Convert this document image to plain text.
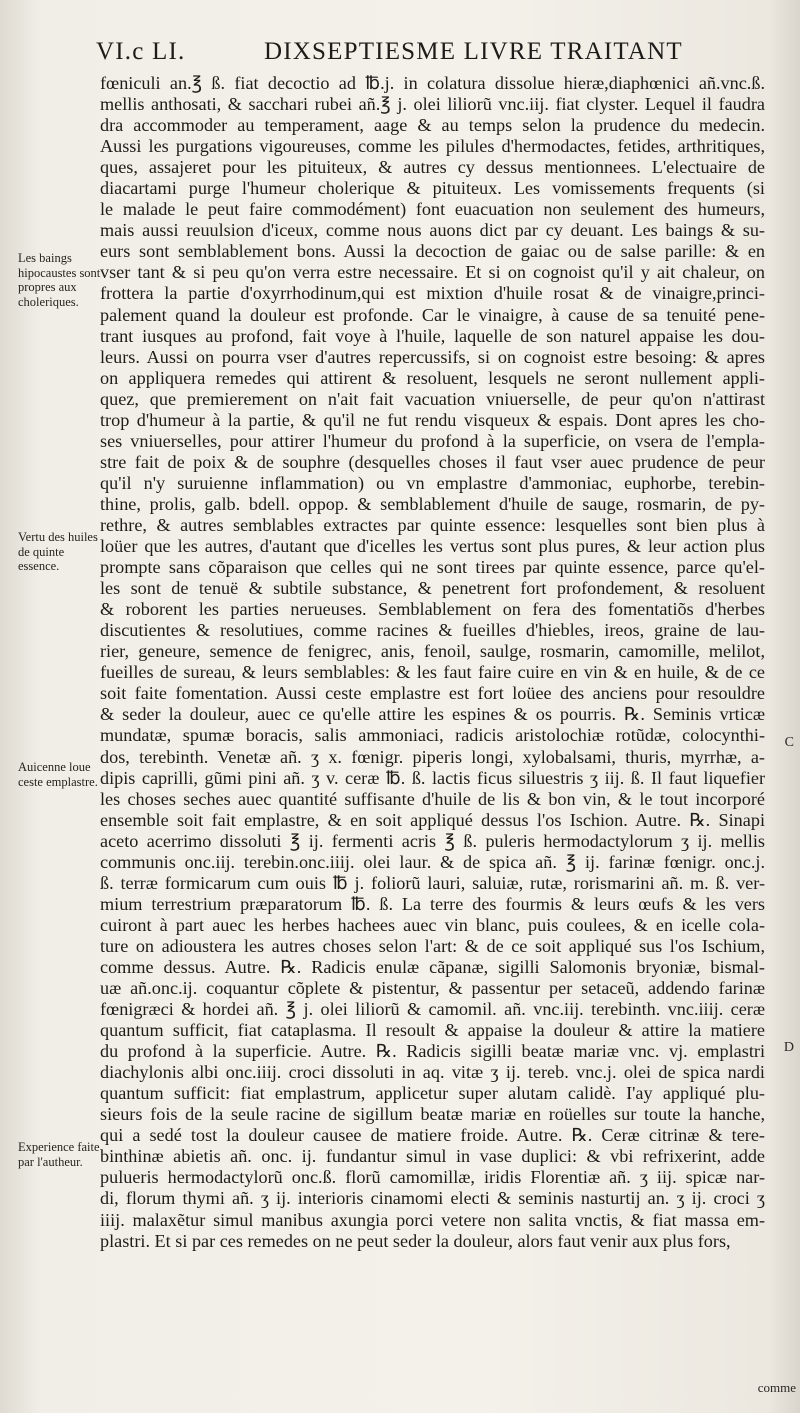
VI.c LI.	DIXSEPTIESME LIVRE TRAITANT
Les baings hipocaustes sont propres aux choleriques.
Vertu des huiles de quinte essence.
Auicenne loue ceste emplastre.
Experience faite par l'autheur.
fœniculi an.℥ ß. fiat decoctio ad ℔.j. in colatura dissolue hieræ,diaphœnici añ.vnc.ß.
mellis anthosati, & sacchari rubei añ.℥ j. olei liliorũ vnc.iij. fiat clyster. Lequel il faudra
dra accommoder au temperament, aage & au temps selon la prudence du medecin.
Aussi les purgations vigoureuses, comme les pilules d'hermodactes, fetides, arthritiques,
ques, assajeret pour les pituiteux, & autres cy dessus mentionnees. L'electuaire de
diacartami purge l'humeur cholerique & pituiteux. Les vomissements frequents (si
le malade le peut faire commodément) font euacuation non seulement des humeurs,
mais aussi reuulsion d'iceux, comme nous auons dict par cy deuant. Les baings & su-
eurs sont semblablement bons. Aussi la decoction de gaiac ou de salse parille: & en
vser tant & si peu qu'on verra estre necessaire. Et si on cognoist qu'il y ait chaleur, on
frottera la partie d'oxyrrhodinum,qui est mixtion d'huile rosat & de vinaigre,princi-
palement quand la douleur est profonde. Car le vinaigre, à cause de sa tenuité pene-
trant iusques au profond, fait voye à l'huile, laquelle de son naturel appaise les dou-
leurs. Aussi on pourra vser d'autres repercussifs, si on cognoist estre besoing: & apres
on appliquera remedes qui attirent & resoluent, lesquels ne seront nullement appli-
quez, que premierement on n'ait fait vacuation vniuerselle, de peur qu'on n'attirast
trop d'humeur à la partie, & qu'il ne fut rendu visqueux & espais. Dont apres les cho-
ses vniuerselles, pour attirer l'humeur du profond à la superficie, on vsera de l'empla-
stre fait de poix & de souphre (desquelles choses il faut vser auec prudence de peur
qu'il n'y suruienne inflammation) ou vn emplastre d'ammoniac, euphorbe, terebin-
thine, prolis, galb. bdell. oppop. & semblablement d'huile de sauge, rosmarin, de py-
rethre, & autres semblables extractes par quinte essence: lesquelles sont bien plus à
loüer que les autres, d'autant que d'icelles les vertus sont plus pures, & leur action plus
prompte sans cõparaison que celles qui ne sont tirees par quinte essence, parce qu'el-
les sont de tenuë & subtile substance, & penetrent fort profondement, & resoluent
& roborent les parties nerueuses. Semblablement on fera des fomentatiõs d'herbes
discutientes & resolutiues, comme racines & fueilles d'hiebles, ireos, graine de lau-
rier, geneure, semence de fenigrec, anis, fenoil, saulge, rosmarin, camomille, melilot,
fueilles de sureau, & leurs semblables: & les faut faire cuire en vin & en huile, & de ce
soit faite fomentation. Aussi ceste emplastre est fort loüee des anciens pour resouldre
& seder la douleur, auec ce qu'elle attire les espines & os pourris. ℞. Seminis vrticæ
mundatæ, spumæ boracis, salis ammoniaci, radicis aristolochiæ rotũdæ, colocynthi-
dos, terebinth. Venetæ añ. ʒ x. fœnigr. piperis longi, xylobalsami, thuris, myrrhæ, a-
dipis caprilli, gũmi pini añ. ʒ v. ceræ ℔. ß. lactis ficus siluestris ʒ iij. ß. Il faut liquefier
les choses seches auec quantité suffisante d'huile de lis & bon vin, & le tout incorporé
ensemble soit fait emplastre, & en soit appliqué dessus l'os Ischion. Autre. ℞. Sinapi
aceto acerrimo dissoluti ℥ ij. fermenti acris ℥ ß. puleris hermodactylorum ʒ ij. mellis
communis onc.iij. terebin.onc.iiij. olei laur. & de spica añ. ℥ ij. farinæ fœnigr. onc.j.
ß. terræ formicarum cum ouis ℔ j. foliorũ lauri, saluiæ, rutæ, rorismarini añ. m. ß. ver-
mium terrestrium præparatorum ℔. ß. La terre des fourmis & leurs œufs & les vers
cuiront à part auec les herbes hachees auec vin blanc, puis coulees, & en icelle cola-
ture on adioustera les autres choses selon l'art: & de ce soit appliqué sus l'os Ischium,
comme dessus. Autre. ℞. Radicis enulæ cãpanæ, sigilli Salomonis bryoniæ, bismal-
uæ añ.onc.ij. coquantur cõplete & pistentur, & passentur per setaceũ, addendo farinæ
fœnigræci & hordei añ. ℥ j. olei liliorũ & camomil. añ. vnc.iij. terebinth. vnc.iiij. ceræ
quantum sufficit, fiat cataplasma. Il resoult & appaise la douleur & attire la matiere
du profond à la superficie. Autre. ℞. Radicis sigilli beatæ mariæ vnc. vj. emplastri
diachylonis albi onc.iiij. croci dissoluti in aq. vitæ ʒ ij. tereb. vnc.j. olei de spica nardi
quantum sufficit: fiat emplastrum, applicetur super alutam calidè. I'ay appliqué plu-
sieurs fois de la seule racine de sigillum beatæ mariæ en roüelles sur toute la hanche,
qui a sedé tost la douleur causee de matiere froide. Autre. ℞. Ceræ citrinæ & tere-
binthinæ abietis añ. onc. ij. fundantur simul in vase duplici: & vbi refrixerint, adde
pulueris hermodactylorũ onc.ß. florũ camomillæ, iridis Florentiæ añ. ʒ iij. spicæ nar-
di, florum thymi añ. ʒ ij. interioris cinamomi electi & seminis nasturtij an. ʒ ij. croci ʒ
iiij. malaxẽtur simul manibus axungia porci vetere non salita vnctis, & fiat massa em-
plastri. Et si par ces remedes on ne peut seder la douleur, alors faut venir aux plus fors,
C
D
comme
